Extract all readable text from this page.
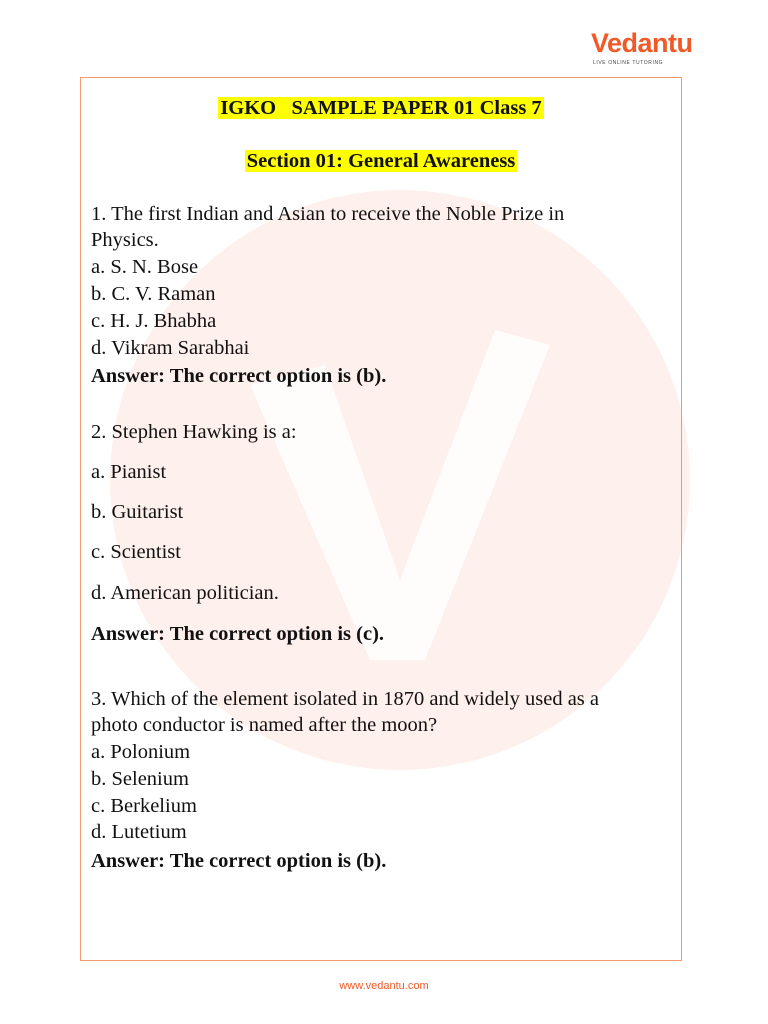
Vedantu
LIVE ONLINE TUTORING
IGKO   SAMPLE PAPER 01 Class 7
Section 01: General Awareness
1. The first Indian and Asian to receive the Noble Prize in
Physics.
a. S. N. Bose
b. C. V. Raman
c. H. J. Bhabha
d. Vikram Sarabhai
Answer: The correct option is (b).
2. Stephen Hawking is a:
a. Pianist
b. Guitarist
c. Scientist
d. American politician.
Answer: The correct option is (c).
3. Which of the element isolated in 1870 and widely used as a
photo conductor is named after the moon?
a. Polonium
b. Selenium
c. Berkelium
d. Lutetium
Answer: The correct option is (b).
www.vedantu.com
